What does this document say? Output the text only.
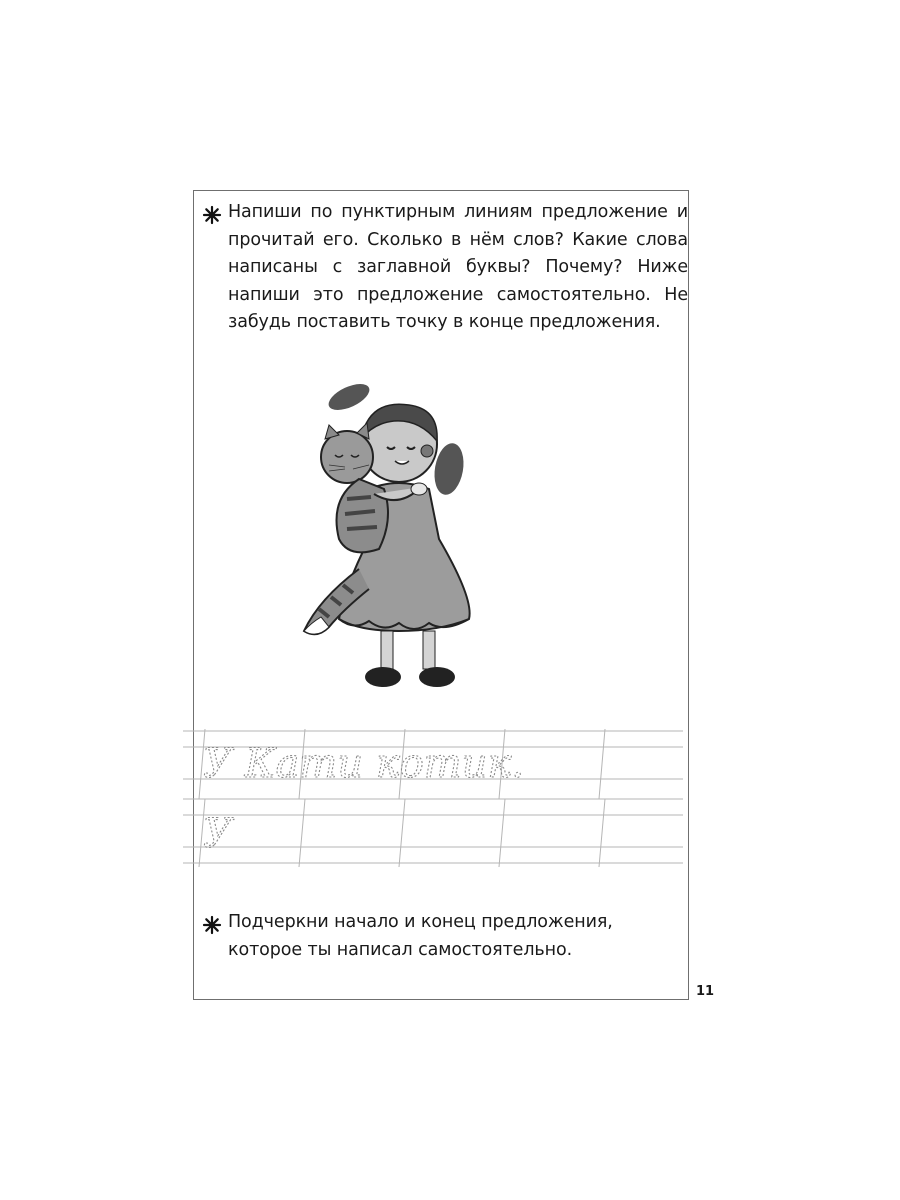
Напиши по пунктирным линиям предложение и прочитай его. Сколько в нём слов? Какие слова написаны с заглавной буквы? Почему? Ниже напиши это предложение самостоятельно. Не забудь поставить точку в конце предложения.
У Кати котик.
У
Подчеркни начало и конец предложения, которое ты написал самостоятельно.
11
